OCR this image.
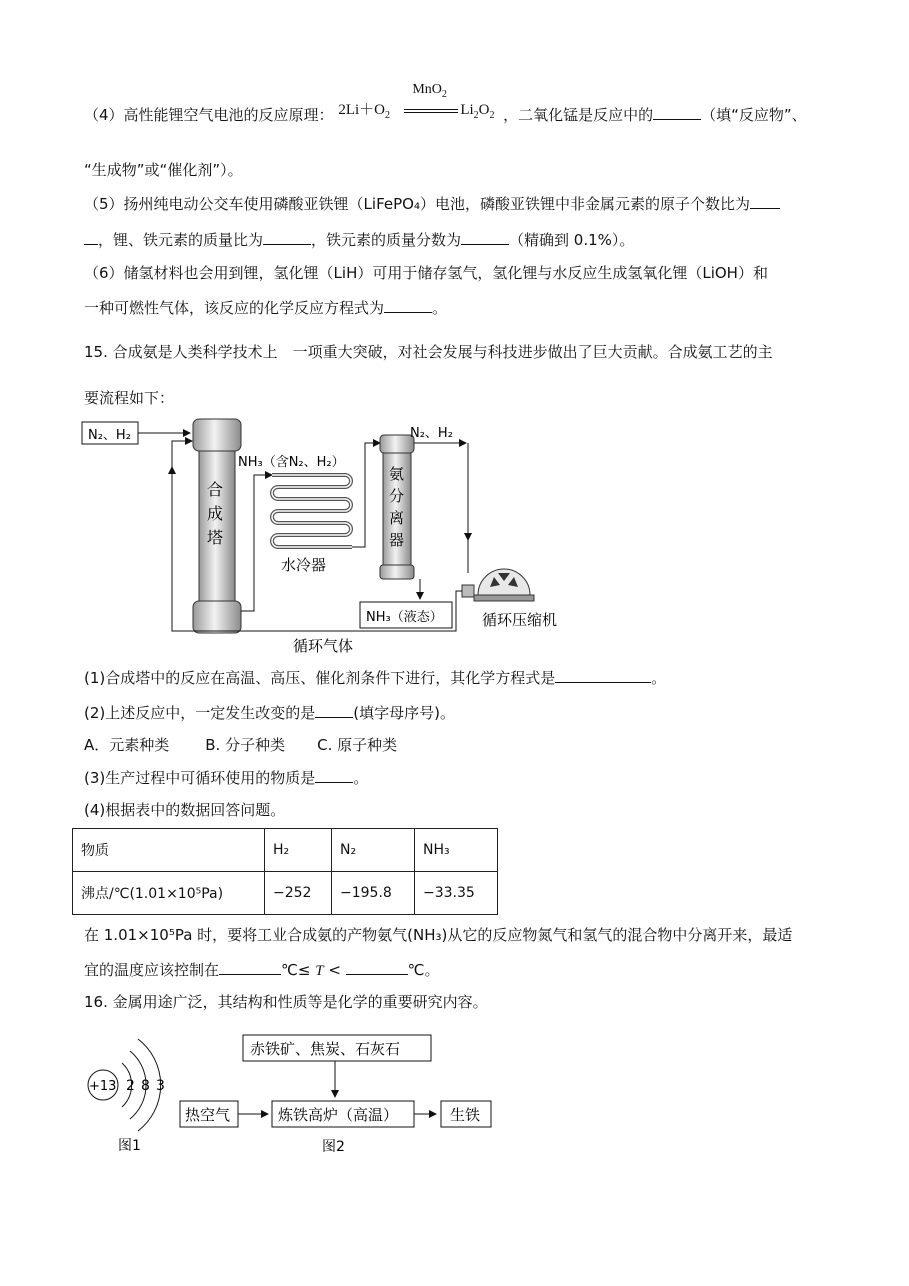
（4）高性能锂空气电池的反应原理： $2Li+O_2$
MnO$_2$
$Li_2O_2$ ，二氧化锰是反应中的	（填“反应物”、
“生成物”或“催化剂”）。
（5）扬州纯电动公交车使用磷酸亚铁锂（LiFePO₄）电池，磷酸亚铁锂中非金属元素的原子个数比为
，锂、铁元素的质量比为	，铁元素的质量分数为	（精确到 0.1%）。
（6）储氢材料也会用到锂，氢化锂（LiH）可用于储存氢气，氢化锂与水反应生成氢氧化锂（LiOH）和
一种可燃性气体，该反应的化学反应方程式为	。
15. 合成氨是人类科学技术上　一项重大突破，对社会发展与科技进步做出了巨大贡献。合成氨工艺的主
要流程如下：
N₂、H₂
合
成
塔
NH₃（含N₂、H₂）
水冷器
氨
分
离
器
N₂、H₂
NH₃（液态）	循环压缩机
循环气体
(1)合成塔中的反应在高温、高压、催化剂条件下进行，其化学方程式是	。
(2)上述反应中，一定发生改变的是	(填字母序号)。
A．元素种类 B. 分子种类 C. 原子种类
(3)生产过程中可循环使用的物质是	。
(4)根据表中的数据回答问题。
物质	H₂	N₂	NH₃
沸点/℃(1.01×10⁵Pa)	−252	−195.8	−33.35
在 1.01×10⁵Pa 时，要将工业合成氨的产物氨气(NH₃)从它的反应物氮气和氢气的混合物中分离开来，最适
宜的温度应该控制在	℃≤ T <	℃。
16. 金属用途广泛，其结构和性质等是化学的重要研究内容。
+13 2 8 3
图1
赤铁矿、焦炭、石灰石
热空气	炼铁高炉（高温）	生铁
图2
